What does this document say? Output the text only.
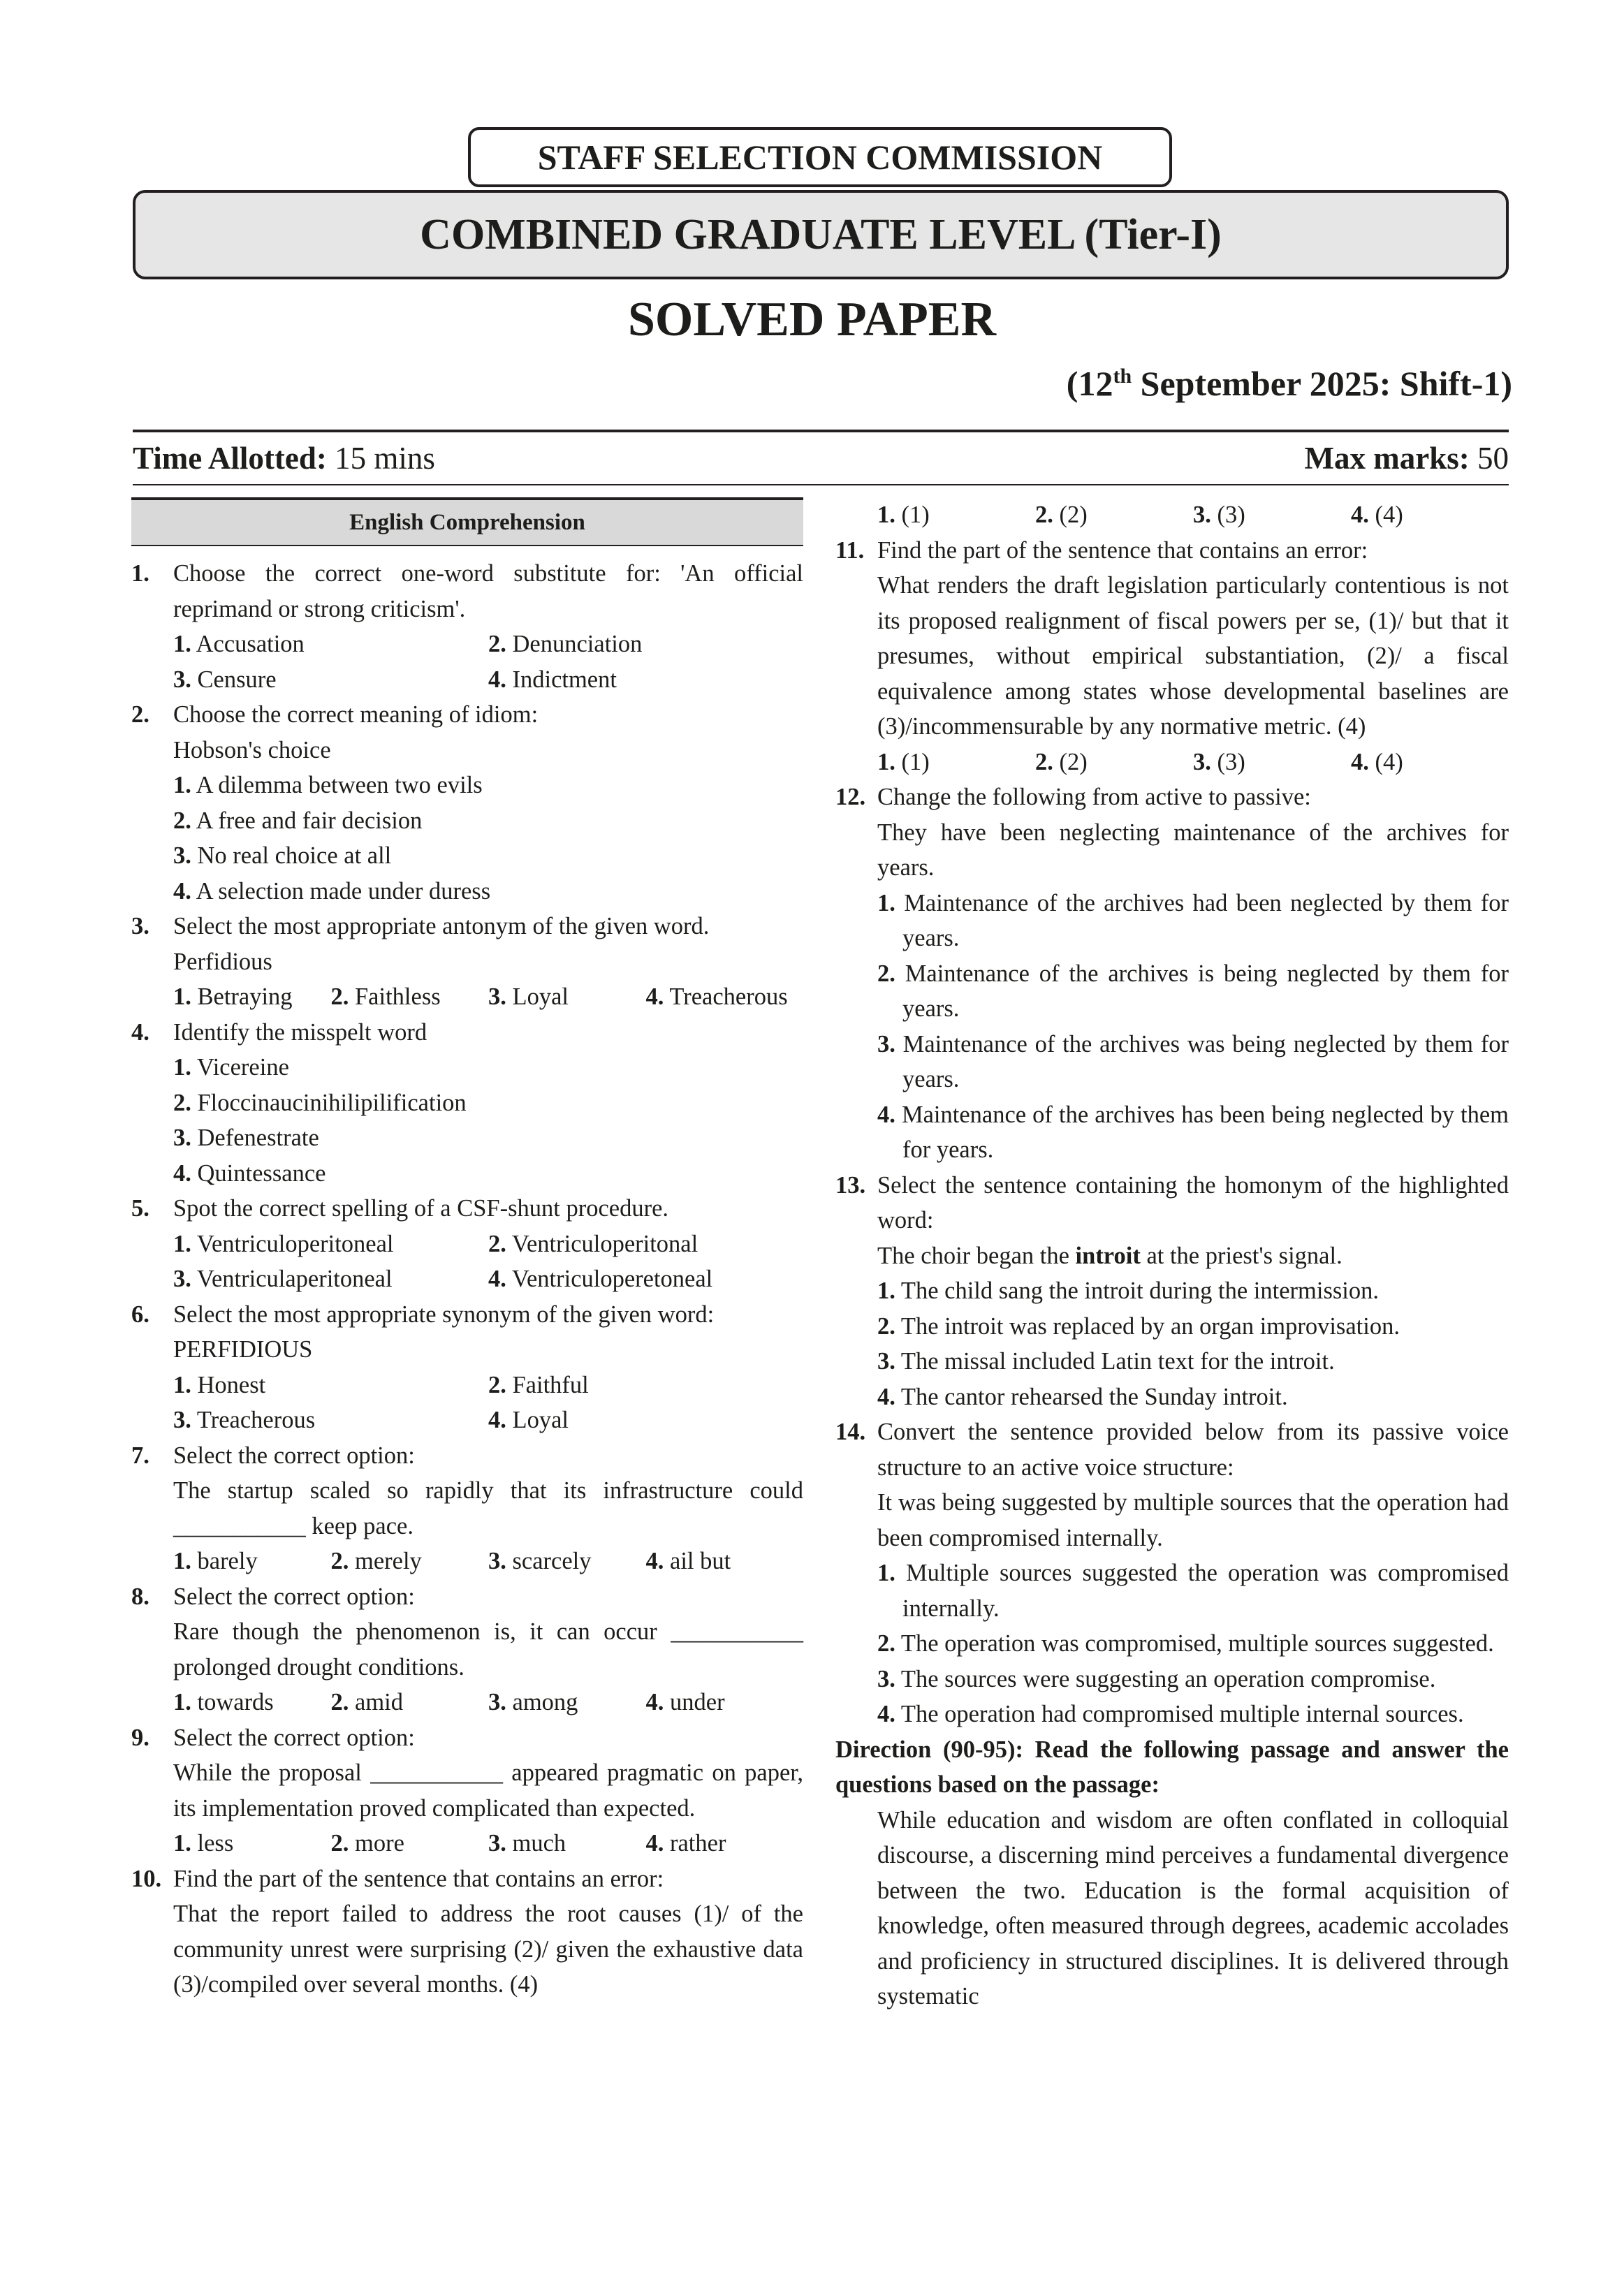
STAFF SELECTION COMMISSION
COMBINED GRADUATE LEVEL (Tier-I)
SOLVED PAPER
(12th September 2025: Shift-1)
Time Allotted: 15 mins	Max marks: 50
English Comprehension
1. Choose the correct one-word substitute for: 'An official reprimand or strong criticism'.
1. Accusation	2. Denunciation
3. Censure	4. Indictment
2. Choose the correct meaning of idiom:
Hobson's choice
1. A dilemma between two evils
2. A free and fair decision
3. No real choice at all
4. A selection made under duress
3. Select the most appropriate antonym of the given word.
Perfidious
1. Betraying	2. Faithless	3. Loyal	4. Treacherous
4. Identify the misspelt word
1. Vicereine
2. Floccinaucinihilipilification
3. Defenestrate
4. Quintessance
5. Spot the correct spelling of a CSF-shunt procedure.
1. Ventriculoperitoneal	2. Ventriculoperitonal
3. Ventriculaperitoneal	4. Ventriculoperetoneal
6. Select the most appropriate synonym of the given word:
PERFIDIOUS
1. Honest	2. Faithful
3. Treacherous	4. Loyal
7. Select the correct option:
The startup scaled so rapidly that its infrastructure could ___________ keep pace.
1. barely	2. merely	3. scarcely	4. ail but
8. Select the correct option:
Rare though the phenomenon is, it can occur ___________ prolonged drought conditions.
1. towards	2. amid	3. among	4. under
9. Select the correct option:
While the proposal ___________ appeared pragmatic on paper, its implementation proved complicated than expected.
1. less	2. more	3. much	4. rather
10. Find the part of the sentence that contains an error:
That the report failed to address the root causes (1)/ of the community unrest were surprising (2)/ given the exhaustive data (3)/compiled over several months. (4)
1. (1)	2. (2)	3. (3)	4. (4)
11. Find the part of the sentence that contains an error:
What renders the draft legislation particularly contentious is not its proposed realignment of fiscal powers per se, (1)/ but that it presumes, without empirical substantiation, (2)/ a fiscal equivalence among states whose developmental baselines are (3)/incommensurable by any normative metric. (4)
1. (1)	2. (2)	3. (3)	4. (4)
12. Change the following from active to passive:
They have been neglecting maintenance of the archives for years.
1. Maintenance of the archives had been neglected by them for years.
2. Maintenance of the archives is being neglected by them for years.
3. Maintenance of the archives was being neglected by them for years.
4. Maintenance of the archives has been being neglected by them for years.
13. Select the sentence containing the homonym of the highlighted word:
The choir began the introit at the priest's signal.
1. The child sang the introit during the intermission.
2. The introit was replaced by an organ improvisation.
3. The missal included Latin text for the introit.
4. The cantor rehearsed the Sunday introit.
14. Convert the sentence provided below from its passive voice structure to an active voice structure:
It was being suggested by multiple sources that the operation had been compromised internally.
1. Multiple sources suggested the operation was compromised internally.
2. The operation was compromised, multiple sources suggested.
3. The sources were suggesting an operation compromise.
4. The operation had compromised multiple internal sources.
Direction (90-95): Read the following passage and answer the questions based on the passage:
While education and wisdom are often conflated in colloquial discourse, a discerning mind perceives a fundamental divergence between the two. Education is the formal acquisition of knowledge, often measured through degrees, academic accolades and proficiency in structured disciplines. It is delivered through systematic
